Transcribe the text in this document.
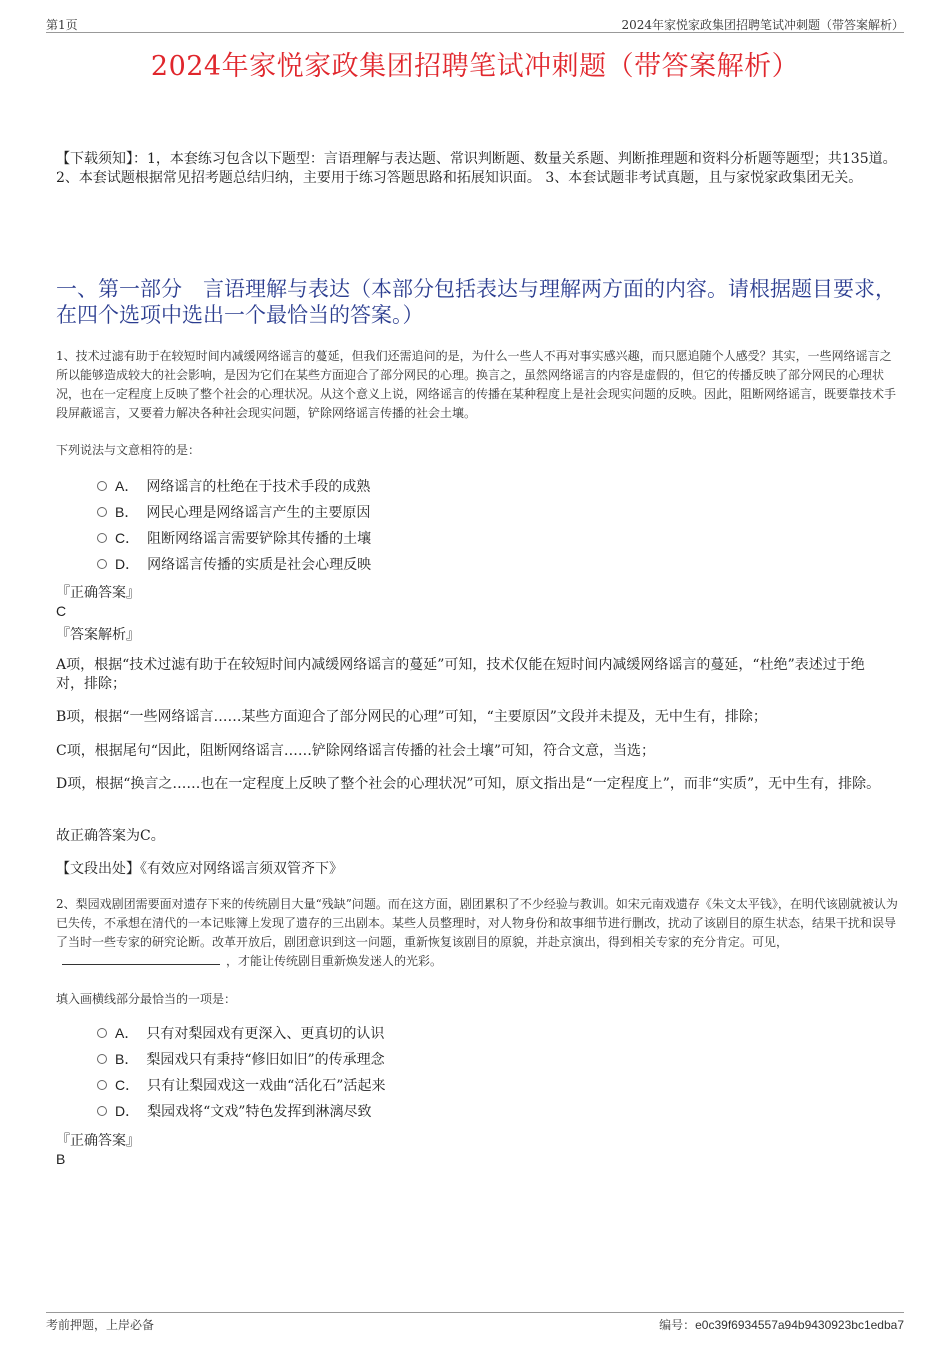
第1页	2024年家悦家政集团招聘笔试冲刺题（带答案解析）
2024年家悦家政集团招聘笔试冲刺题（带答案解析）
【下载须知】：1，本套练习包含以下题型：言语理解与表达题、常识判断题、数量关系题、判断推理题和资料分析题等题型；共135道。 2、本套试题根据常见招考题总结归纳，主要用于练习答题思路和拓展知识面。 3、本套试题非考试真题，且与家悦家政集团无关。
一、第一部分　言语理解与表达（本部分包括表达与理解两方面的内容。请根据题目要求，在四个选项中选出一个最恰当的答案。）
1、技术过滤有助于在较短时间内减缓网络谣言的蔓延，但我们还需追问的是，为什么一些人不再对事实感兴趣，而只愿追随个人感受？其实，一些网络谣言之所以能够造成较大的社会影响，是因为它们在某些方面迎合了部分网民的心理。换言之，虽然网络谣言的内容是虚假的，但它的传播反映了部分网民的心理状况，也在一定程度上反映了整个社会的心理状况。从这个意义上说，网络谣言的传播在某种程度上是社会现实问题的反映。因此，阻断网络谣言，既要靠技术手段屏蔽谣言，又要着力解决各种社会现实问题，铲除网络谣言传播的社会土壤。
下列说法与文意相符的是：
A． 网络谣言的杜绝在于技术手段的成熟
B． 网民心理是网络谣言产生的主要原因
C． 阻断网络谣言需要铲除其传播的土壤
D． 网络谣言传播的实质是社会心理反映
『正确答案』
C
『答案解析』
A项，根据“技术过滤有助于在较短时间内减缓网络谣言的蔓延”可知，技术仅能在短时间内减缓网络谣言的蔓延，“杜绝”表述过于绝对，排除；
B项，根据“一些网络谣言……某些方面迎合了部分网民的心理”可知，“主要原因”文段并未提及，无中生有，排除；
C项，根据尾句“因此，阻断网络谣言……铲除网络谣言传播的社会土壤”可知，符合文意，当选；
D项，根据“换言之……也在一定程度上反映了整个社会的心理状况”可知，原文指出是“一定程度上”，而非“实质”，无中生有，排除。
故正确答案为C。
【文段出处】《有效应对网络谣言须双管齐下》
2、梨园戏剧团需要面对遗存下来的传统剧目大量“残缺”问题。而在这方面，剧团累积了不少经验与教训。如宋元南戏遗存《朱文太平钱》，在明代该剧就被认为已失传，不承想在清代的一本记账簿上发现了遗存的三出剧本。某些人员整理时，对人物身份和故事细节进行删改，扰动了该剧目的原生状态，结果干扰和误导了当时一些专家的研究论断。改革开放后，剧团意识到这一问题，重新恢复该剧目的原貌，并赴京演出，得到相关专家的充分肯定。可见，，才能让传统剧目重新焕发迷人的光彩。
填入画横线部分最恰当的一项是：
A． 只有对梨园戏有更深入、更真切的认识
B． 梨园戏只有秉持“修旧如旧”的传承理念
C． 只有让梨园戏这一戏曲“活化石”活起来
D． 梨园戏将“文戏”特色发挥到淋漓尽致
『正确答案』
B
考前押题，上岸必备	编号：e0c39f6934557a94b9430923bc1edba7
